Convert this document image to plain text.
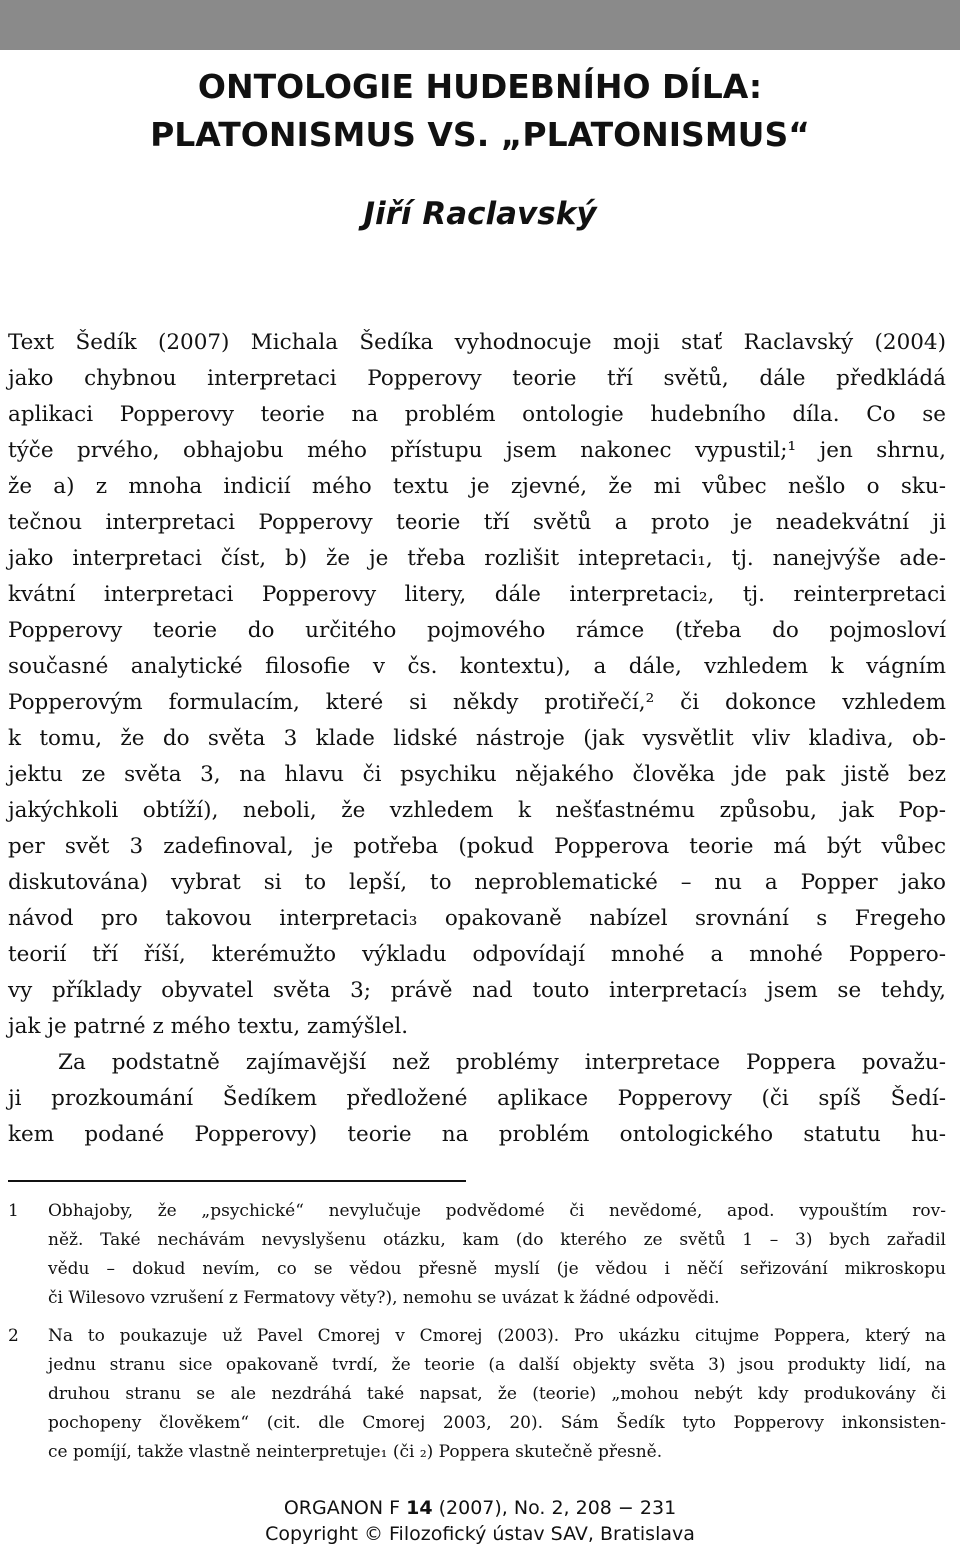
ONTOLOGIE HUDEBNÍHO DÍLA:
PLATONISMUS VS. „PLATONISMUS“
Jiří Raclavský
Text Šedík (2007) Michala Šedíka vyhodnocuje moji stať Raclavský (2004)
jako chybnou interpretaci Popperovy teorie tří světů, dále předkládá
aplikaci Popperovy teorie na problém ontologie hudebního díla. Co se
týče prvého, obhajobu mého přístupu jsem nakonec vypustil;¹ jen shrnu,
že a) z mnoha indicií mého textu je zjevné, že mi vůbec nešlo o sku-
tečnou interpretaci Popperovy teorie tří světů a proto je neadekvátní ji
jako interpretaci číst, b) že je třeba rozlišit intepretaci₁, tj. nanejvýše ade-
kvátní interpretaci Popperovy litery, dále interpretaci₂, tj. reinterpretaci
Popperovy teorie do určitého pojmového rámce (třeba do pojmosloví
současné analytické filosofie v čs. kontextu), a dále, vzhledem k vágním
Popperovým formulacím, které si někdy protiřečí,² či dokonce vzhledem
k tomu, že do světa 3 klade lidské nástroje (jak vysvětlit vliv kladiva, ob-
jektu ze světa 3, na hlavu či psychiku nějakého člověka jde pak jistě bez
jakýchkoli obtíží), neboli, že vzhledem k nešťastnému způsobu, jak Pop-
per svět 3 zadefinoval, je potřeba (pokud Popperova teorie má být vůbec
diskutována) vybrat si to lepší, to neproblematické – nu a Popper jako
návod pro takovou interpretaci₃ opakovaně nabízel srovnání s Fregeho
teorií tří říší, kterémužto výkladu odpovídají mnohé a mnohé Poppero-
vy příklady obyvatel světa 3; právě nad touto interpretací₃ jsem se tehdy,
jak je patrné z mého textu, zamýšlel.
Za podstatně zajímavější než problémy interpretace Poppera považu-
ji prozkoumání Šedíkem předložené aplikace Popperovy (či spíš Šedí-
kem podané Popperovy) teorie na problém ontologického statutu hu-
1 Obhajoby, že „psychické“ nevylučuje podvědomé či nevědomé, apod. vypouštím rov-
něž. Také nechávám nevyslyšenu otázku, kam (do kterého ze světů 1 – 3) bych zařadil
vědu – dokud nevím, co se vědou přesně myslí (je vědou i něčí seřizování mikroskopu
či Wilesovo vzrušení z Fermatovy věty?), nemohu se uvázat k žádné odpovědi.
2 Na to poukazuje už Pavel Cmorej v Cmorej (2003). Pro ukázku citujme Poppera, který na
jednu stranu sice opakovaně tvrdí, že teorie (a další objekty světa 3) jsou produkty lidí, na
druhou stranu se ale nezdráhá také napsat, že (teorie) „mohou nebýt kdy produkovány či
pochopeny člověkem“ (cit. dle Cmorej 2003, 20). Sám Šedík tyto Popperovy inkonsisten-
ce pomíjí, takže vlastně neinterpretuje₁ (či ₂) Poppera skutečně přesně.
ORGANON F 14 (2007), No. 2, 208 − 231
Copyright © Filozofický ústav SAV, Bratislava
